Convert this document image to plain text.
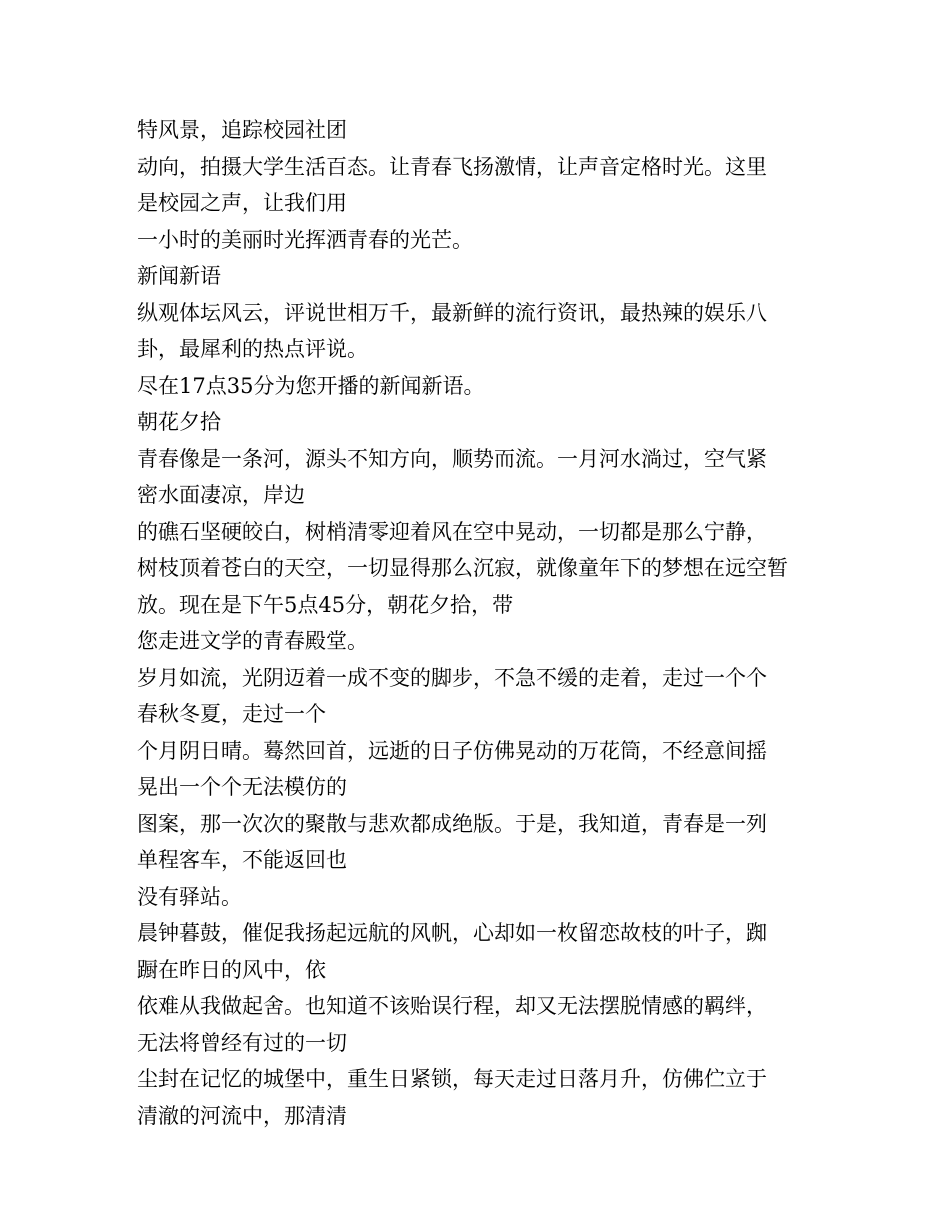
特风景，追踪校园社团
动向，拍摄大学生活百态。让青春飞扬激情，让声音定格时光。这里
是校园之声，让我们用
一小时的美丽时光挥洒青春的光芒。
新闻新语
纵观体坛风云，评说世相万千，最新鲜的流行资讯，最热辣的娱乐八
卦，最犀利的热点评说。
尽在17点35分为您开播的新闻新语。
朝花夕拾
青春像是一条河，源头不知方向，顺势而流。一月河水淌过，空气紧
密水面凄凉，岸边
的礁石坚硬皎白，树梢清零迎着风在空中晃动，一切都是那么宁静，
树枝顶着苍白的天空，一切显得那么沉寂，就像童年下的梦想在远空暂
放。现在是下午5点45分，朝花夕拾，带
您走进文学的青春殿堂。
岁月如流，光阴迈着一成不变的脚步，不急不缓的走着，走过一个个
春秋冬夏，走过一个
个月阴日晴。蓦然回首，远逝的日子仿佛晃动的万花筒，不经意间摇
晃出一个个无法模仿的
图案，那一次次的聚散与悲欢都成绝版。于是，我知道，青春是一列
单程客车，不能返回也
没有驿站。
晨钟暮鼓，催促我扬起远航的风帆，心却如一枚留恋故枝的叶子，踟
蹰在昨日的风中，依
依难从我做起舍。也知道不该贻误行程，却又无法摆脱情感的羁绊，
无法将曾经有过的一切
尘封在记忆的城堡中，重生日紧锁，每天走过日落月升，仿佛伫立于
清澈的河流中，那清清
